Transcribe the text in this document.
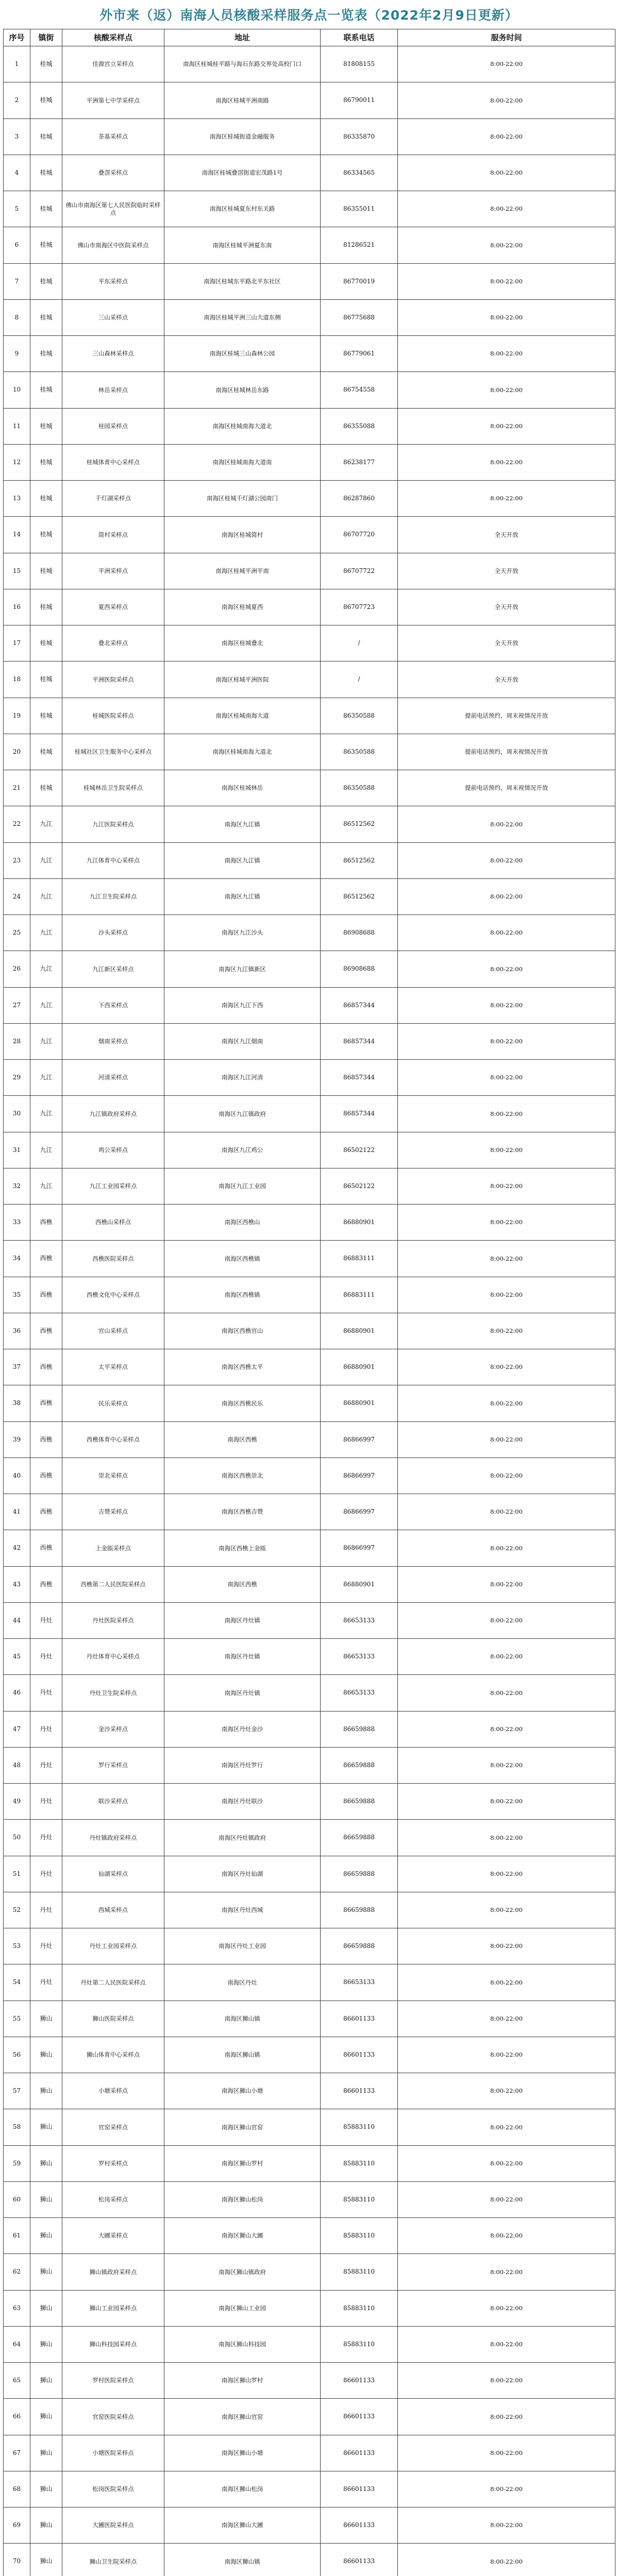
外市来（返）南海人员核酸采样服务点一览表（2022年2月9日更新）
序号	镇街	核酸采样点	地址	联系电话	服务时间
1	桂城	佳源宫立采样点	南海区桂城桂平路与海石东路交界处高校门口	81808155	8:00-22:00
2	桂城	平洲第七中学采样点	南海区桂城平洲南路	86790011	8:00-22:00
3	桂城	茶基采样点	南海区桂城街道金融服务	86335870	8:00-22:00
4	桂城	叠滘采样点	南海区桂城叠滘街道宏茂路1号	86334565	8:00-22:00
5	桂城	佛山市南海区第七人民医院临时采样点	南海区桂城夏东村东关路	86355011	8:00-22:00
6	桂城	佛山市南海区中医院采样点	南海区桂城平洲夏东南	81286521	8:00-22:00
7	桂城	平东采样点	南海区桂城东平路北平东社区	86770019	8:00-22:00
8	桂城	三山采样点	南海区桂城平洲三山大道东侧	86775688	8:00-22:00
9	桂城	三山森林采样点	南海区桂城三山森林公园	86779061	8:00-22:00
10	桂城	林岳采样点	南海区桂城林岳东路	86754558	8:00-22:00
11	桂城	桂园采样点	南海区桂城南海大道北	86355088	8:00-22:00
12	桂城	桂城体育中心采样点	南海区桂城南海大道南	86238177	8:00-22:00
13	桂城	千灯湖采样点	南海区桂城千灯湖公园南门	86287860	8:00-22:00
14	桂城	简村采样点	南海区桂城简村	86707720	全天开放
15	桂城	平洲采样点	南海区桂城平洲平南	86707722	全天开放
16	桂城	夏西采样点	南海区桂城夏西	86707723	全天开放
17	桂城	叠北采样点	南海区桂城叠北	/	全天开放
18	桂城	平洲医院采样点	南海区桂城平洲医院	/	全天开放
19	桂城	桂城医院采样点	南海区桂城南海大道	86350588	提前电话预约，周末视情况开放
20	桂城	桂城社区卫生服务中心采样点	南海区桂城南海大道北	86350588	提前电话预约，周末视情况开放
21	桂城	桂城林岳卫生院采样点	南海区桂城林岳	86350588	提前电话预约，周末视情况开放
22	九江	九江医院采样点	南海区九江镇	86512562	8:00-22:00
23	九江	九江体育中心采样点	南海区九江镇	86512562	8:00-22:00
24	九江	九江卫生院采样点	南海区九江镇	86512562	8:00-22:00
25	九江	沙头采样点	南海区九江沙头	86908688	8:00-22:00
26	九江	九江新区采样点	南海区九江镇新区	86908688	8:00-22:00
27	九江	下西采样点	南海区九江下西	86857344	8:00-22:00
28	九江	烟南采样点	南海区九江烟南	86857344	8:00-22:00
29	九江	河清采样点	南海区九江河清	86857344	8:00-22:00
30	九江	九江镇政府采样点	南海区九江镇政府	86857344	8:00-22:00
31	九江	鸡公采样点	南海区九江鸡公	86502122	8:00-22:00
32	九江	九江工业园采样点	南海区九江工业园	86502122	8:00-22:00
33	西樵	西樵山采样点	南海区西樵山	86880901	8:00-22:00
34	西樵	西樵医院采样点	南海区西樵镇	86883111	8:00-22:00
35	西樵	西樵文化中心采样点	南海区西樵镇	86883111	8:00-22:00
36	西樵	官山采样点	南海区西樵官山	86880901	8:00-22:00
37	西樵	太平采样点	南海区西樵太平	86880901	8:00-22:00
38	西樵	民乐采样点	南海区西樵民乐	86880901	8:00-22:00
39	西樵	西樵体育中心采样点	南海区西樵	86866997	8:00-22:00
40	西樵	崇北采样点	南海区西樵崇北	86866997	8:00-22:00
41	西樵	吉赞采样点	南海区西樵吉赞	86866997	8:00-22:00
42	西樵	上金瓯采样点	南海区西樵上金瓯	86866997	8:00-22:00
43	西樵	西樵第二人民医院采样点	南海区西樵	86880901	8:00-22:00
44	丹灶	丹灶医院采样点	南海区丹灶镇	86653133	8:00-22:00
45	丹灶	丹灶体育中心采样点	南海区丹灶镇	86653133	8:00-22:00
46	丹灶	丹灶卫生院采样点	南海区丹灶镇	86653133	8:00-22:00
47	丹灶	金沙采样点	南海区丹灶金沙	86659888	8:00-22:00
48	丹灶	罗行采样点	南海区丹灶罗行	86659888	8:00-22:00
49	丹灶	联沙采样点	南海区丹灶联沙	86659888	8:00-22:00
50	丹灶	丹灶镇政府采样点	南海区丹灶镇政府	86659888	8:00-22:00
51	丹灶	仙湖采样点	南海区丹灶仙湖	86659888	8:00-22:00
52	丹灶	西城采样点	南海区丹灶西城	86659888	8:00-22:00
53	丹灶	丹灶工业园采样点	南海区丹灶工业园	86659888	8:00-22:00
54	丹灶	丹灶第二人民医院采样点	南海区丹灶	86653133	8:00-22:00
55	狮山	狮山医院采样点	南海区狮山镇	86601133	8:00-22:00
56	狮山	狮山体育中心采样点	南海区狮山镇	86601133	8:00-22:00
57	狮山	小塘采样点	南海区狮山小塘	86601133	8:00-22:00
58	狮山	官窑采样点	南海区狮山官窑	85883110	8:00-22:00
59	狮山	罗村采样点	南海区狮山罗村	85883110	8:00-22:00
60	狮山	松岗采样点	南海区狮山松岗	85883110	8:00-22:00
61	狮山	大圃采样点	南海区狮山大圃	85883110	8:00-22:00
62	狮山	狮山镇政府采样点	南海区狮山镇政府	85883110	8:00-22:00
63	狮山	狮山工业园采样点	南海区狮山工业园	85883110	8:00-22:00
64	狮山	狮山科技园采样点	南海区狮山科技园	85883110	8:00-22:00
65	狮山	罗村医院采样点	南海区狮山罗村	86601133	8:00-22:00
66	狮山	官窑医院采样点	南海区狮山官窑	86601133	8:00-22:00
67	狮山	小塘医院采样点	南海区狮山小塘	86601133	8:00-22:00
68	狮山	松岗医院采样点	南海区狮山松岗	86601133	8:00-22:00
69	狮山	大圃医院采样点	南海区狮山大圃	86601133	8:00-22:00
70	狮山	狮山卫生院采样点	南海区狮山镇	86601133	8:00-22:00
